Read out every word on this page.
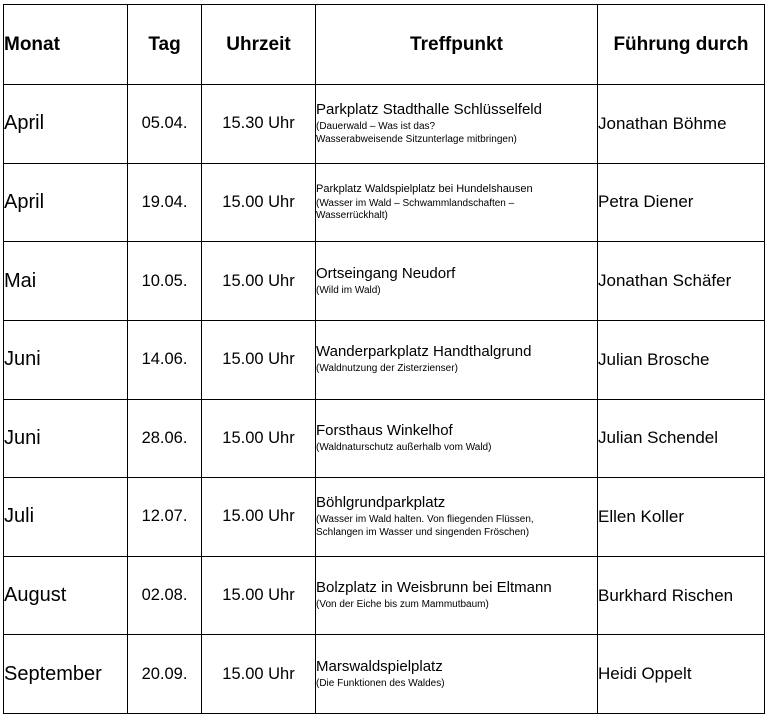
Monat	Tag	Uhrzeit	Treffpunkt	Führung durch
April	05.04.	15.30 Uhr	Parkplatz Stadthalle Schlüsselfeld
(Dauerwald – Was ist das?
Wasserabweisende Sitzunterlage mitbringen)	Jonathan Böhme
April	19.04.	15.00 Uhr	Parkplatz Waldspielplatz bei Hundelshausen
(Wasser im Wald – Schwammlandschaften –
Wasserrückhalt)	Petra Diener
Mai	10.05.	15.00 Uhr	Ortseingang Neudorf
(Wild im Wald)	Jonathan Schäfer
Juni	14.06.	15.00 Uhr	Wanderparkplatz Handthalgrund
(Waldnutzung der Zisterzienser)	Julian Brosche
Juni	28.06.	15.00 Uhr	Forsthaus Winkelhof
(Waldnaturschutz außerhalb vom Wald)	Julian Schendel
Juli	12.07.	15.00 Uhr	Böhlgrundparkplatz
(Wasser im Wald halten. Von fliegenden Flüssen,
Schlangen im Wasser und singenden Fröschen)	Ellen Koller
August	02.08.	15.00 Uhr	Bolzplatz in Weisbrunn bei Eltmann
(Von der Eiche bis zum Mammutbaum)	Burkhard Rischen
September	20.09.	15.00 Uhr	Marswaldspielplatz
(Die Funktionen des Waldes)	Heidi Oppelt
